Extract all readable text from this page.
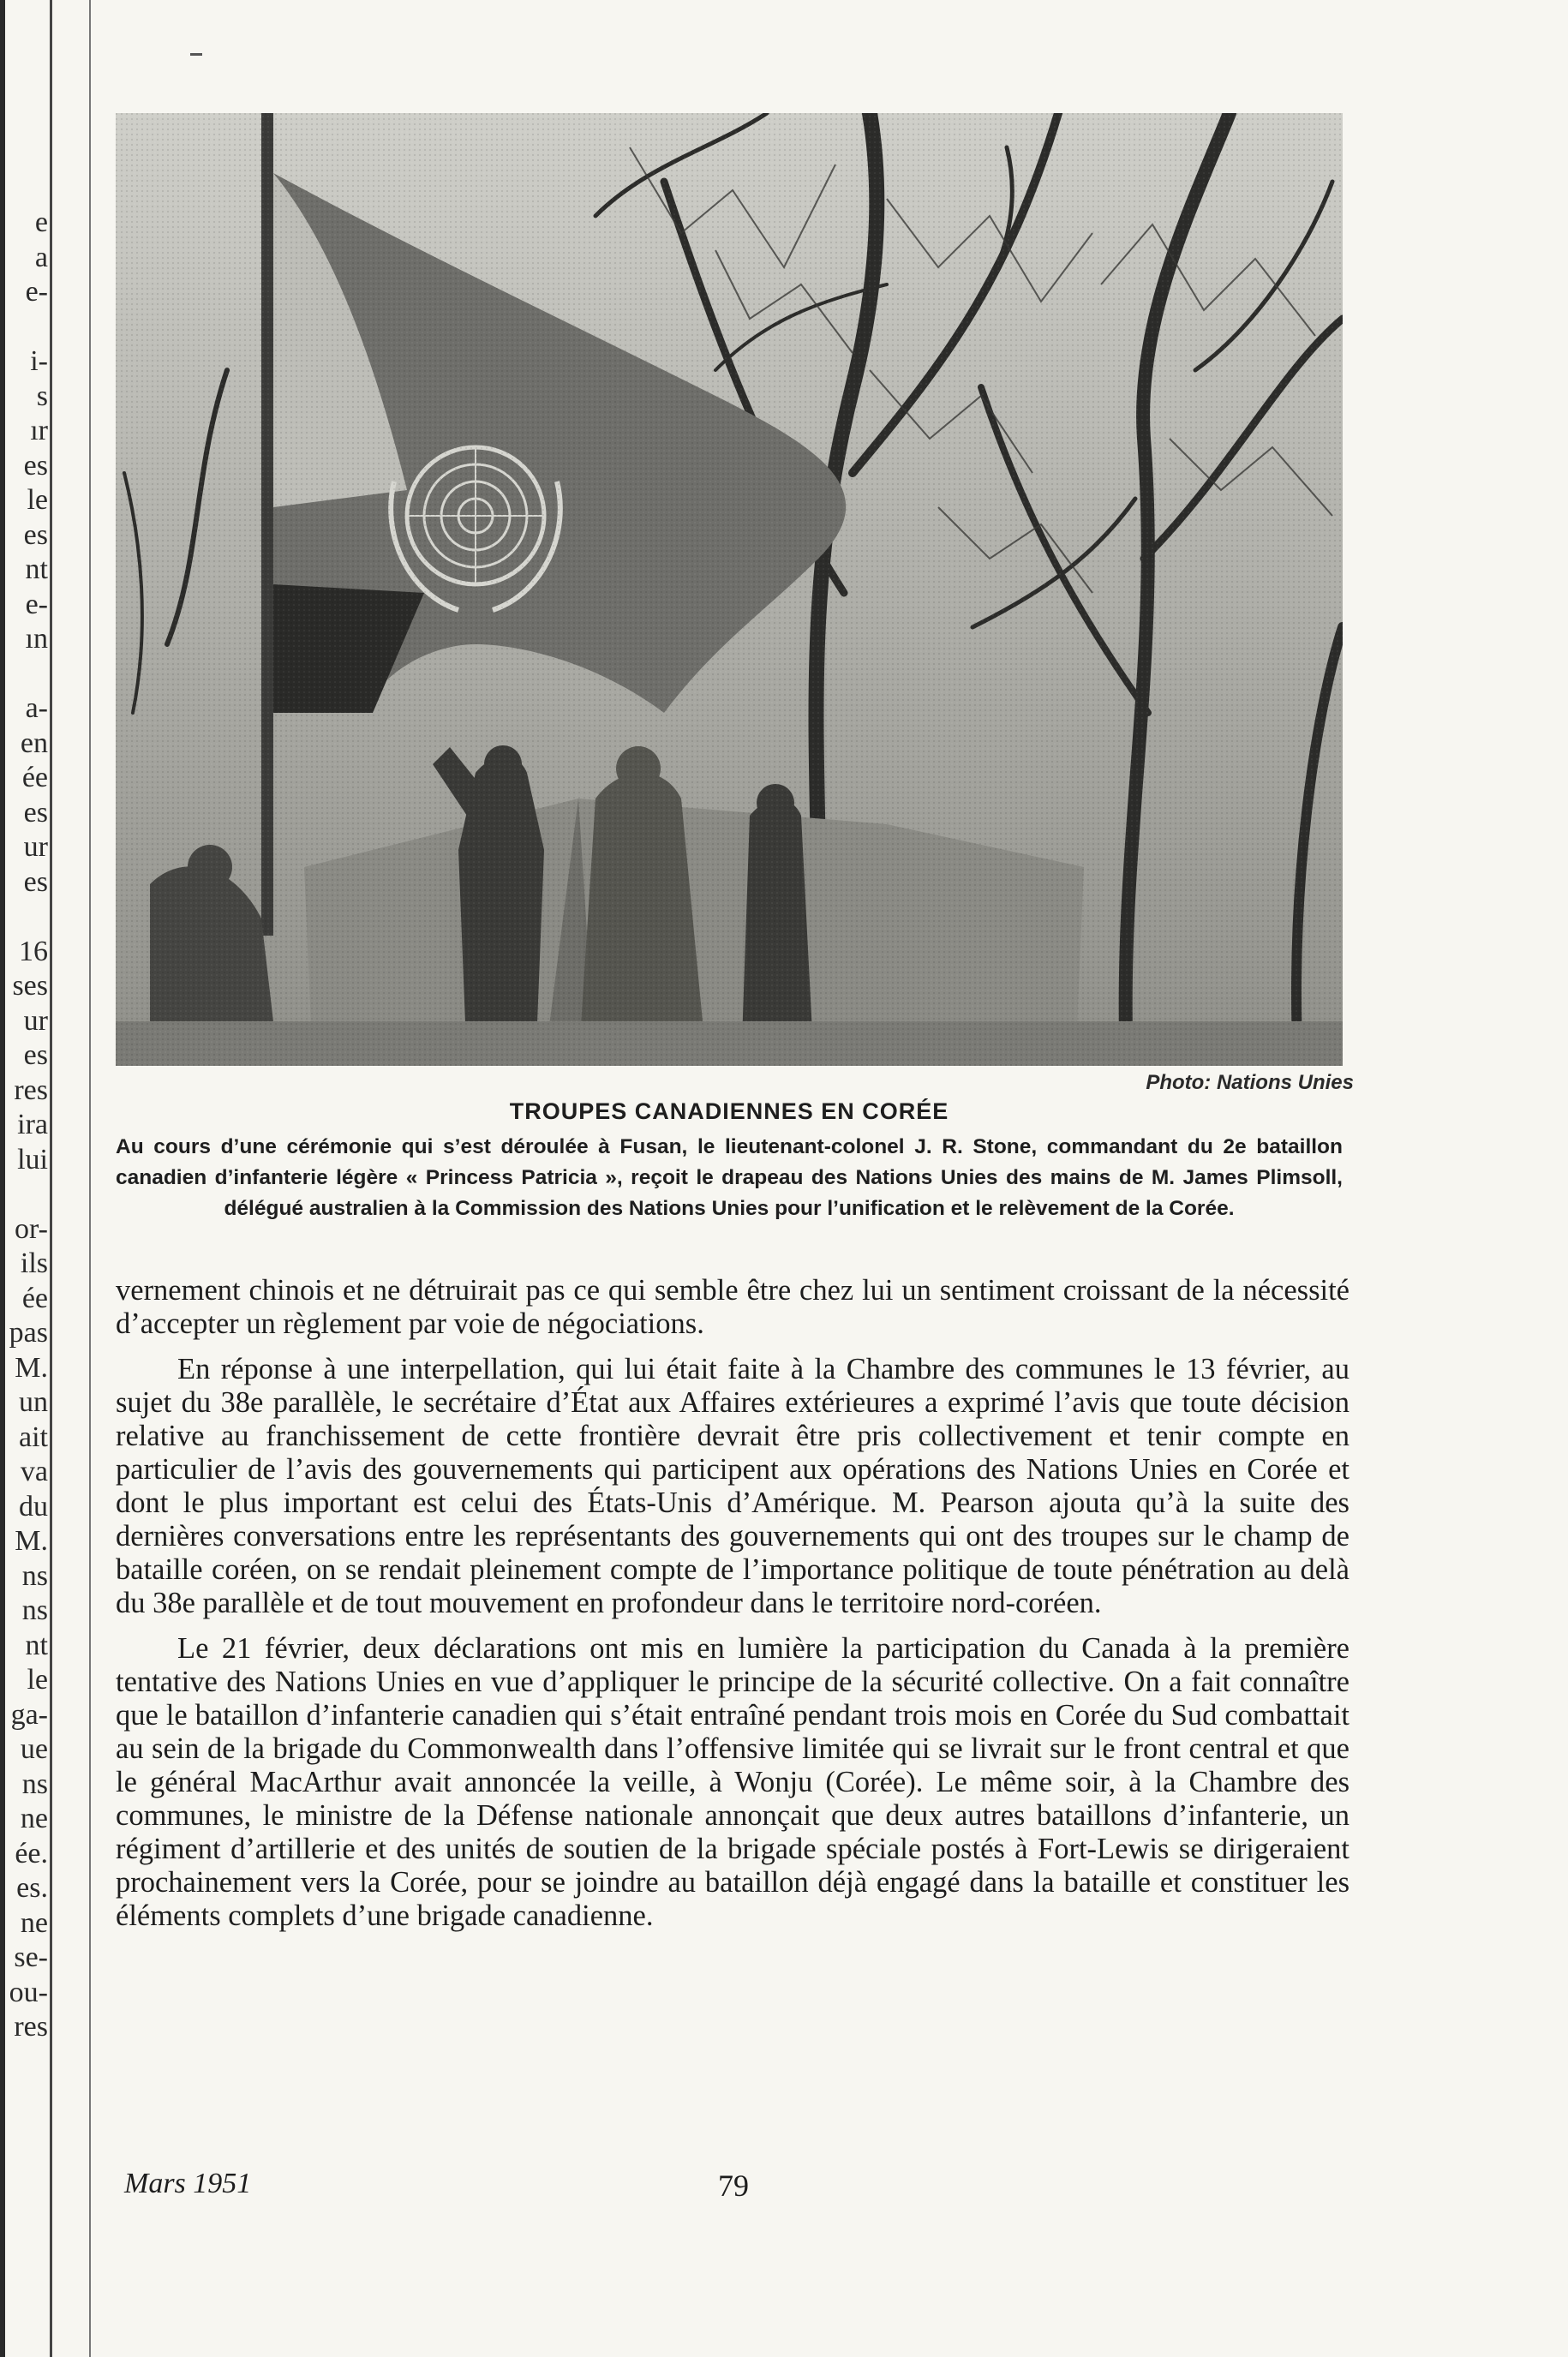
e
a
e-

i-
s
ır
es
le
es
nt
e-
ın

a-
en
ée
es
ur
es

16
ses
ur
es
res
ira
lui

or-
ils
ée
pas
M.
un
ait
va
du
M.
ns
ns
nt
le
ga-
ue
ns
ne
ée.
es.
ne
se-
ou-
res
Photo: Nations Unies
TROUPES CANADIENNES EN CORÉE
Au cours d’une cérémonie qui s’est déroulée à Fusan, le lieutenant-colonel J. R. Stone, commandant du 2e bataillon canadien d’infanterie légère « Princess Patricia », reçoit le drapeau des Nations Unies des mains de M. James Plimsoll, délégué australien à la Commission des Nations Unies pour l’unification et le relèvement de la Corée.

vernement chinois et ne détruirait pas ce qui semble être chez lui un sentiment croissant de la nécessité d’accepter un règlement par voie de négociations.

En réponse à une interpellation, qui lui était faite à la Chambre des communes le 13 février, au sujet du 38e parallèle, le secrétaire d’État aux Affaires extérieures a exprimé l’avis que toute décision relative au franchissement de cette frontière devrait être pris collectivement et tenir compte en particulier de l’avis des gouvernements qui participent aux opérations des Nations Unies en Corée et dont le plus important est celui des États-Unis d’Amérique. M. Pearson ajouta qu’à la suite des dernières conversations entre les représentants des gouvernements qui ont des troupes sur le champ de bataille coréen, on se rendait pleinement compte de l’importance politique de toute pénétration au delà du 38e parallèle et de tout mouvement en profondeur dans le territoire nord-coréen.

Le 21 février, deux déclarations ont mis en lumière la participation du Canada à la première tentative des Nations Unies en vue d’appliquer le principe de la sécurité collective. On a fait connaître que le bataillon d’infanterie canadien qui s’était entraîné pendant trois mois en Corée du Sud combattait au sein de la brigade du Commonwealth dans l’offensive limitée qui se livrait sur le front central et que le général MacArthur avait annoncée la veille, à Wonju (Corée). Le même soir, à la Chambre des communes, le ministre de la Défense nationale annonçait que deux autres bataillons d’infanterie, un régiment d’artillerie et des unités de soutien de la brigade spéciale postés à Fort-Lewis se dirigeraient prochainement vers la Corée, pour se joindre au bataillon déjà engagé dans la bataille et constituer les éléments complets d’une brigade canadienne.

Mars 1951	79
